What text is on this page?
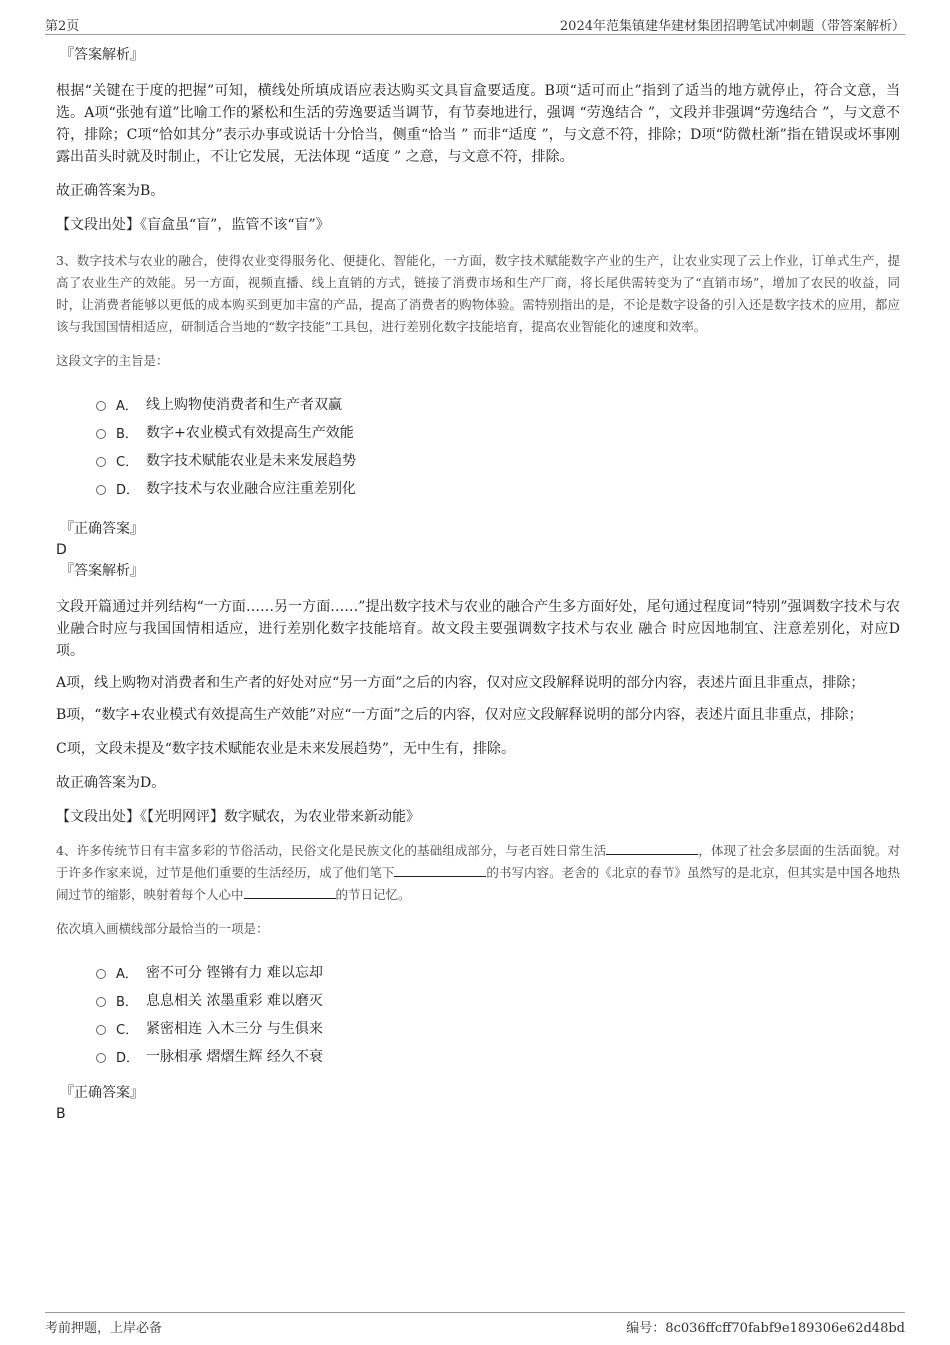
第2页	2024年范集镇建华建材集团招聘笔试冲刺题（带答案解析）
『答案解析』

根据“关键在于度的把握”可知，横线处所填成语应表达购买文具盲盒要适度。B项“适可而止”指到了适当的地方就停止，符合文意，当选。A项“张弛有道”比喻工作的紧松和生活的劳逸要适当调节，有节奏地进行，强调 “劳逸结合 ”，文段并非强调“劳逸结合 ”，与文意不符，排除；C项“恰如其分”表示办事或说话十分恰当，侧重“恰当 ” 而非“适度 ”，与文意不符，排除；D项“防微杜渐”指在错误或坏事刚露出苗头时就及时制止，不让它发展，无法体现 “适度 ” 之意，与文意不符，排除。

故正确答案为B。

【文段出处】《盲盒虽“盲”，监管不该“盲”》

3、数字技术与农业的融合，使得农业变得服务化、便捷化、智能化，一方面，数字技术赋能数字产业的生产，让农业实现了云上作业，订单式生产，提高了农业生产的效能。另一方面，视频直播、线上直销的方式，链接了消费市场和生产厂商，将长尾供需转变为了“直销市场”，增加了农民的收益，同时，让消费者能够以更低的成本购买到更加丰富的产品，提高了消费者的购物体验。需特别指出的是，不论是数字设备的引入还是数字技术的应用，都应该与我国国情相适应，研制适合当地的“数字技能”工具包，进行差别化数字技能培育，提高农业智能化的速度和效率。

这段文字的主旨是：

A． 线上购物使消费者和生产者双赢
B． 数字+农业模式有效提高生产效能
C． 数字技术赋能农业是未来发展趋势
D． 数字技术与农业融合应注重差别化
『正确答案』
D
『答案解析』

文段开篇通过并列结构“一方面……另一方面……”提出数字技术与农业的融合产生多方面好处，尾句通过程度词“特别”强调数字技术与农业融合时应与我国国情相适应，进行差别化数字技能培育。故文段主要强调数字技术与农业 融合 时应因地制宜、注意差别化，对应D项。

A项，线上购物对消费者和生产者的好处对应“另一方面”之后的内容，仅对应文段解释说明的部分内容，表述片面且非重点，排除；

B项，“数字+农业模式有效提高生产效能”对应“一方面”之后的内容，仅对应文段解释说明的部分内容，表述片面且非重点，排除；

C项，文段未提及“数字技术赋能农业是未来发展趋势”，无中生有，排除。

故正确答案为D。

【文段出处】《【光明网评】数字赋农，为农业带来新动能》

4、许多传统节日有丰富多彩的节俗活动，民俗文化是民族文化的基础组成部分，与老百姓日常生活	，体现了社会多层面的生活面貌。对于许多作家来说，过节是他们重要的生活经历，成了他们笔下	的书写内容。老舍的《北京的春节》虽然写的是北京，但其实是中国各地热闹过节的缩影，映射着每个人心中	的节日记忆。

依次填入画横线部分最恰当的一项是：

A． 密不可分 铿锵有力 难以忘却
B． 息息相关 浓墨重彩 难以磨灭
C． 紧密相连 入木三分 与生俱来
D． 一脉相承 熠熠生辉 经久不衰
『正确答案』
B
考前押题，上岸必备	编号：8c036ffcff70fabf9e189306e62d48bd
